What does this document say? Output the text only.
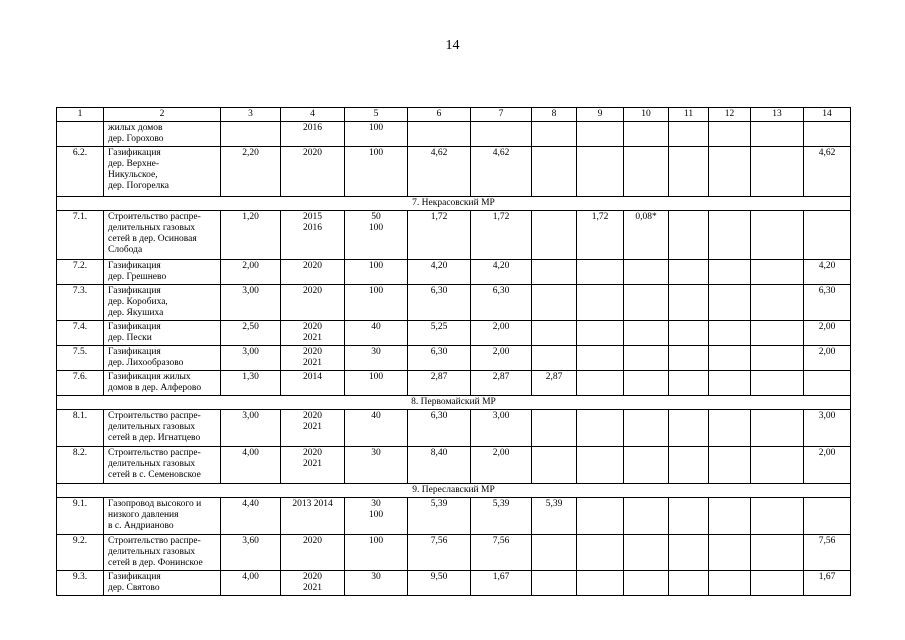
14
1	2	3	4	5	6	7	8	9	10	11	12	13	14

	жилых домов
дер. Горохово		2016	100									

6.2.	Газификация
дер. Верхне-
Никульское,
дер. Погорелка	2,20	2020	100	4,62	4,62							4,62

7. Некрасовский МР													

7.1.	Строительство распре-
делительных газовых
сетей в дер. Осиновая
Слобода	1,20	2015
2016	50
100	1,72	1,72		1,72	0,08*				

7.2.	Газификация
дер. Грешнево	2,00	2020	100	4,20	4,20							4,20

7.3.	Газификация
дер. Коробиха,
дер. Якушиха	3,00	2020	100	6,30	6,30							6,30

7.4.	Газификация
дер. Пески	2,50	2020
2021	40	5,25	2,00							2,00

7.5.	Газификация
дер. Лихообразово	3,00	2020
2021	30	6,30	2,00							2,00

7.6.	Газификация жилых
домов в дер. Алферово	1,30	2014	100	2,87	2,87	2,87						

8. Первомайский МР													

8.1.	Строительство распре-
делительных газовых
сетей в дер. Игнатцево	3,00	2020
2021	40	6,30	3,00							3,00

8.2.	Строительство распре-
делительных газовых
сетей в с. Семеновское	4,00	2020
2021	30	8,40	2,00							2,00

9. Переславский МР													

9.1.	Газопровод высокого и
низкого давления
в с. Андрианово	4,40	2013 2014	30
100	5,39	5,39	5,39						

9.2.	Строительство распре-
делительных газовых
сетей в дер. Фонинское	3,60	2020	100	7,56	7,56							7,56

9.3.	Газификация
дер. Святово	4,00	2020
2021	30	9,50	1,67							1,67
